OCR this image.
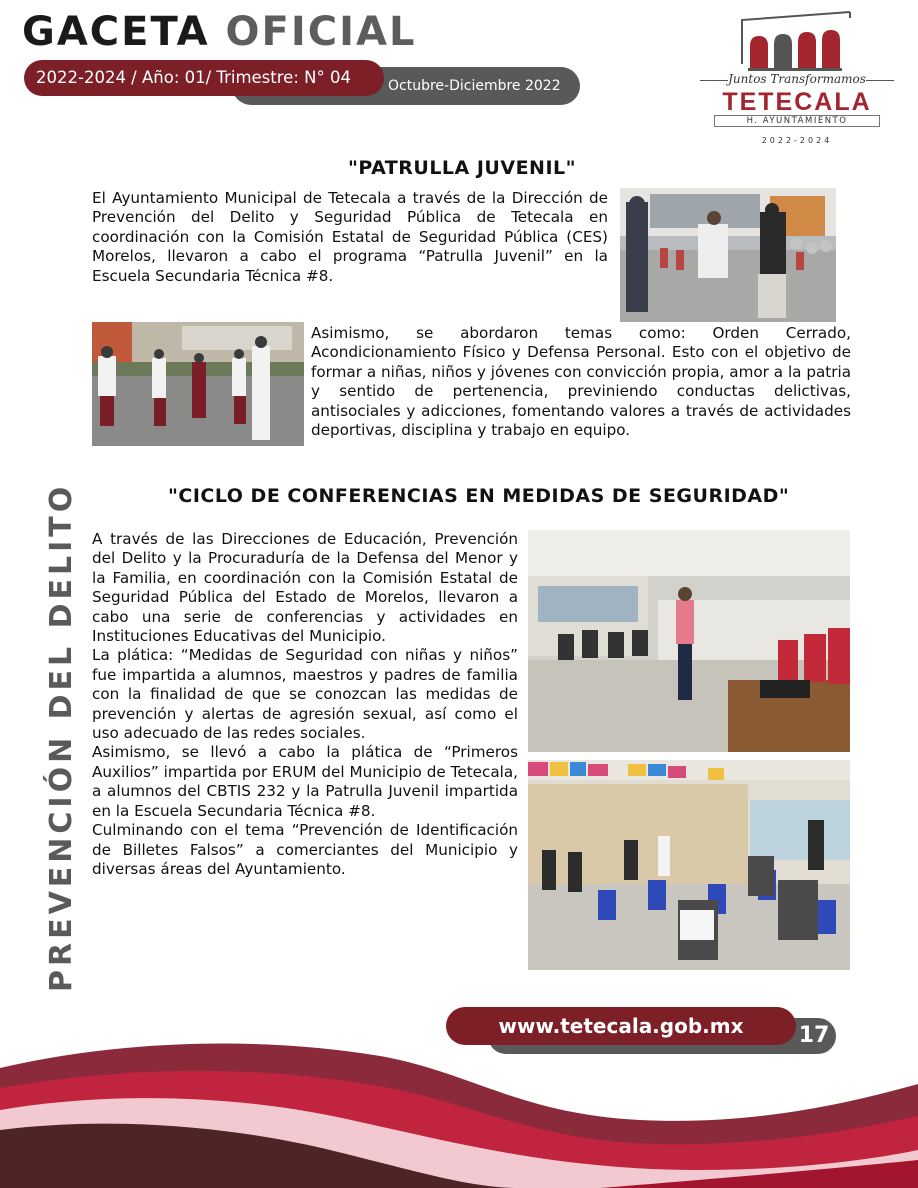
GACETA OFICIAL
2022-2024 / Año: 01/ Trimestre: N° 04	Octubre-Diciembre 2022	Juntos Transformamos
TETECALA
H. AYUNTAMIENTO
2022-2024
"PATRULLA JUVENIL"

El Ayuntamiento Municipal de Tetecala a través de la Dirección de Prevención del Delito y Seguridad Pública de Tetecala en coordinación con la Comisión Estatal de Seguridad Pública (CES) Morelos, llevaron a cabo el programa “Patrulla Juvenil” en la Escuela Secundaria Técnica #8.

Asimismo, se abordaron temas como: Orden Cerrado, Acondicionamiento Físico y Defensa Personal. Esto con el objetivo de formar a niñas, niños y jóvenes con convicción propia, amor a la patria y sentido de pertenencia, previniendo conductas delictivas, antisociales y adicciones, fomentando valores a través de actividades deportivas, disciplina y trabajo en equipo.

"CICLO DE CONFERENCIAS EN MEDIDAS DE SEGURIDAD"

A través de las Direcciones de Educación, Prevención del Delito y la Procuraduría de la Defensa del Menor y la Familia, en coordinación con la Comisión Estatal de Seguridad Pública del Estado de Morelos, llevaron a cabo una serie de conferencias y actividades en Instituciones Educativas del Municipio.

La plática: “Medidas de Seguridad con niñas y niños” fue impartida a alumnos, maestros y padres de familia con la finalidad de que se conozcan las medidas de prevención y alertas de agresión sexual, así como el uso adecuado de las redes sociales.

Asimismo, se llevó a cabo la plática de “Primeros Auxilios” impartida por ERUM del Municipio de Tetecala, a alumnos del CBTIS 232 y la Patrulla Juvenil impartida en la Escuela Secundaria Técnica #8.

Culminando con el tema “Prevención de Identificación de Billetes Falsos” a comerciantes del Municipio y diversas áreas del Ayuntamiento.

PREVENCIÓN DEL DELITO
www.tetecala.gob.mx	17
